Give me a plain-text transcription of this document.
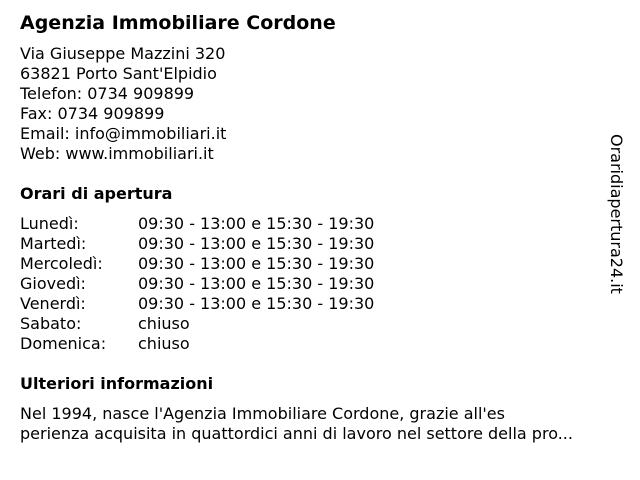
Agenzia Immobiliare Cordone
Via Giuseppe Mazzini 320
63821 Porto Sant'Elpidio
Telefon: 0734 909899
Fax: 0734 909899
Email: info@immobiliari.it
Web: www.immobiliari.it
Orari di apertura
Lunedì:	09:30 - 13:00 e 15:30 - 19:30
Martedì:	09:30 - 13:00 e 15:30 - 19:30
Mercoledì: 09:30 - 13:00 e 15:30 - 19:30
Giovedì:	09:30 - 13:00 e 15:30 - 19:30
Venerdì:	09:30 - 13:00 e 15:30 - 19:30
Sabato:	chiuso
Domenica: chiuso
Ulteriori informazioni
Nel 1994, nasce l'Agenzia Immobiliare Cordone, grazie all'es
perienza acquisita in quattordici anni di lavoro nel settore della pro...
Oraridiapertura24.it
